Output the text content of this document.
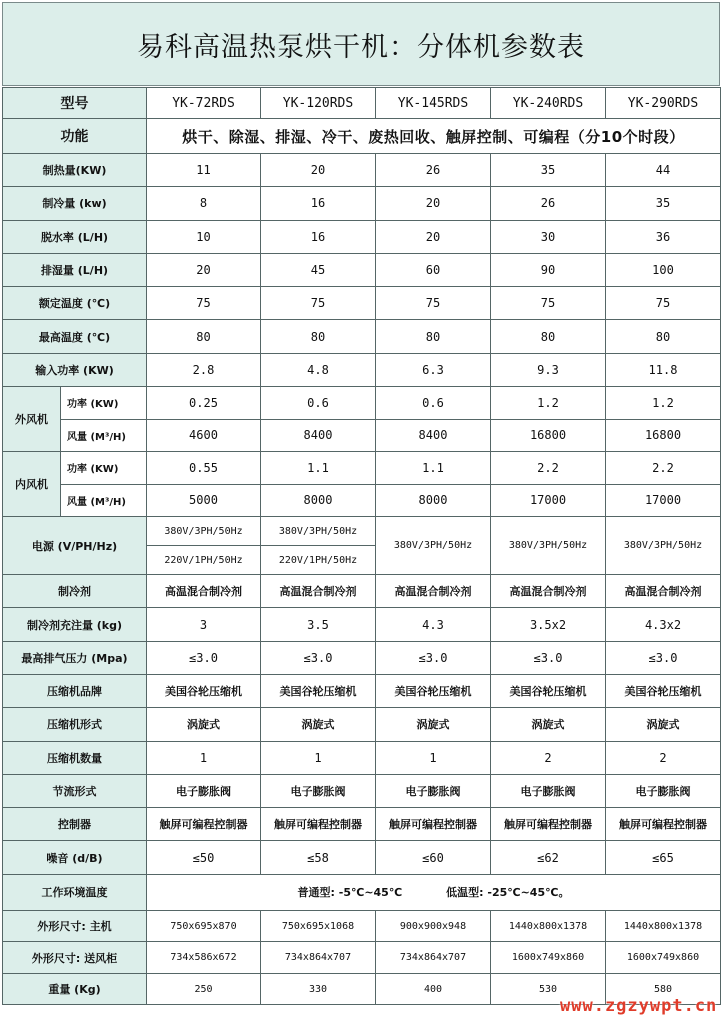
易科高温热泵烘干机：分体机参数表
型号		YK-72RDS	YK-120RDS	YK-145RDS	YK-240RDS	YK-290RDS
功能		烘干、除湿、排湿、冷干、废热回收、触屏控制、可编程（分10个时段）				
制热量(KW)		11	20	26	35	44
制冷量 (kw)		8	16	20	26	35
脱水率 (L/H)		10	16	20	30	36
排湿量 (L/H)		20	45	60	90	100
额定温度 (℃)		75	75	75	75	75
最高温度 (℃)		80	80	80	80	80
输入功率 (KW)		2.8	4.8	6.3	9.3	11.8
外风机	功率 (KW)	0.25	0.6	0.6	1.2	1.2
	风量 (M³/H)	4600	8400	8400	16800	16800
内风机	功率 (KW)	0.55	1.1	1.1	2.2	2.2
	风量 (M³/H)	5000	8000	8000	17000	17000
电源 (V/PH/Hz)		380V/3PH/50Hz	380V/3PH/50Hz	380V/3PH/50Hz	380V/3PH/50Hz	380V/3PH/50Hz
		220V/1PH/50Hz	220V/1PH/50Hz			
制冷剂		高温混合制冷剂	高温混合制冷剂	高温混合制冷剂	高温混合制冷剂	高温混合制冷剂
制冷剂充注量 (kg)		3	3.5	4.3	3.5x2	4.3x2
最高排气压力 (Mpa)		≤3.0	≤3.0	≤3.0	≤3.0	≤3.0
压缩机品牌		美国谷轮压缩机	美国谷轮压缩机	美国谷轮压缩机	美国谷轮压缩机	美国谷轮压缩机
压缩机形式		涡旋式	涡旋式	涡旋式	涡旋式	涡旋式
压缩机数量		1	1	1	2	2
节流形式		电子膨胀阀	电子膨胀阀	电子膨胀阀	电子膨胀阀	电子膨胀阀
控制器		触屏可编程控制器	触屏可编程控制器	触屏可编程控制器	触屏可编程控制器	触屏可编程控制器
噪音 (d/B)		≤50	≤58	≤60	≤62	≤65
工作环境温度		普通型: -5℃~45℃ 低温型: -25℃~45℃。				
外形尺寸: 主机		750x695x870	750x695x1068	900x900x948	1440x800x1378	1440x800x1378
外形尺寸: 送风柜		734x586x672	734x864x707	734x864x707	1600x749x860	1600x749x860
重量 (Kg)		250	330	400	530	580
www.zgzywpt.cn
